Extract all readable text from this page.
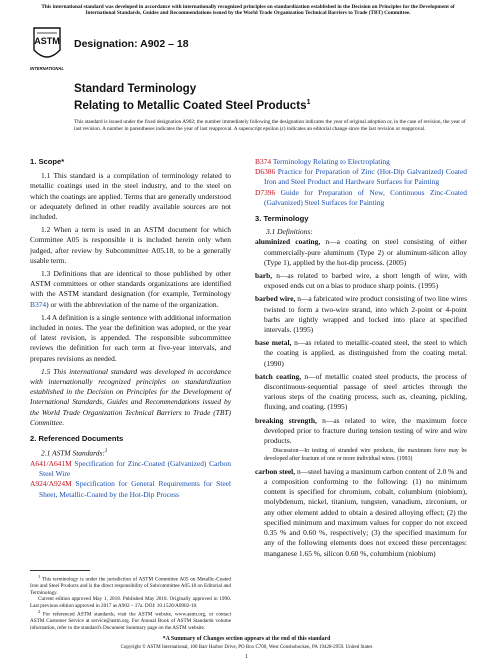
This international standard was developed in accordance with internationally recognized principles on standardization established in the Decision on Principles for the Development of International Standards, Guides and Recommendations issued by the World Trade Organization Technical Barriers to Trade (TBT) Committee.
ASTM
INTERNATIONAL
Designation: A902 – 18
Standard Terminology
Relating to Metallic Coated Steel Products$^1$
This standard is issued under the fixed designation A902; the number immediately following the designation indicates the year of original adoption or, in the case of revision, the year of last revision. A number in parentheses indicates the year of last reapproval. A superscript epsilon (ε) indicates an editorial change since the last revision or reapproval.

1. Scope*

1.1 This standard is a compilation of terminology related to metallic coatings used in the steel industry, and to the steel on which the coatings are applied. Terms that are generally understood or adequately defined in other readily available sources are not included.

1.2 When a term is used in an ASTM document for which Committee A05 is responsible it is included herein only when judged, after review by Subcommittee A05.18, to be a generally usable term.

1.3 Definitions that are identical to those published by other ASTM committees or other standards organizations are identified with the ASTM standard designation (for example, Terminology B374) or with the abbreviation of the name of the organization.

1.4 A definition is a single sentence with additional information included in notes. The year the definition was adopted, or the year of latest revision, is appended. The responsible subcommittee reviews the definition for each term at five-year intervals, and prepares revisions as needed.

1.5 This international standard was developed in accordance with internationally recognized principles on standardization established in the Decision on Principles for the Development of International Standards, Guides and Recommendations issued by the World Trade Organization Technical Barriers to Trade (TBT) Committee.

2. Referenced Documents

2.1 ASTM Standards:$^2$

A641/A641M Specification for Zinc-Coated (Galvanized) Carbon Steel Wire

A924/A924M Specification for General Requirements for Steel Sheet, Metallic-Coated by the Hot-Dip Process

$^1$ This terminology is under the jurisdiction of ASTM Committee A05 on Metallic-Coated Iron and Steel Products and is the direct responsibility of Subcommittee A05.18 on Editorial and Terminology.

Current edition approved May 1, 2018. Published May 2018. Originally approved in 1990. Last previous edition approved in 2017 as A902 – 17a. DOI: 10.1520/A0902-18.

$^2$ For referenced ASTM standards, visit the ASTM website, www.astm.org, or contact ASTM Customer Service at service@astm.org. For Annual Book of ASTM Standards volume information, refer to the standard's Document Summary page on the ASTM website.

B374 Terminology Relating to Electroplating

D6386 Practice for Preparation of Zinc (Hot-Dip Galvanized) Coated Iron and Steel Product and Hardware Surfaces for Painting

D7396 Guide for Preparation of New, Continuous Zinc-Coated (Galvanized) Steel Surfaces for Painting

3. Terminology

3.1 Definitions:

aluminized coating, n—a coating on steel consisting of either commercially-pure aluminum (Type 2) or aluminum-silicon alloy (Type 1), applied by the hot-dip process. (2005)

barb, n—as related to barbed wire, a short length of wire, with exposed ends cut on a bias to produce sharp points. (1995)

barbed wire, n—a fabricated wire product consisting of two line wires twisted to form a two-wire strand, into which 2-point or 4-point barbs are tightly wrapped and locked into place at specified intervals. (1995)

base metal, n—as related to metallic-coated steel, the steel to which the coating is applied, as distinguished from the coating metal. (1990)

batch coating, n—of metallic coated steel products, the process of discontinuous-sequential passage of steel articles through the various steps of the coating process, such as, cleaning, pickling, fluxing, and coating. (1995)

breaking strength, n—as related to wire, the maximum force developed prior to fracture during tension testing of wire and wire products.

Discussion—In testing of stranded wire products, the maximum force may be developed after fracture of one or more individual wires. (1993)

carbon steel, n—steel having a maximum carbon content of 2.0 % and a composition conforming to the following: (1) no minimum content is specified for chromium, cobalt, columbium (niobium), molybdenum, nickel, titanium, tungsten, vanadium, zirconium, or any other element added to obtain a desired alloying effect; (2) the specified minimum and maximum values for copper do not exceed 0.35 % and 0.60 %, respectively; (3) the specified maximum for any of the following elements does not exceed these percentages: manganese 1.65 %, silicon 0.60 %, columbium (niobium)

*A Summary of Changes section appears at the end of this standard
Copyright © ASTM International, 100 Barr Harbor Drive, PO Box C700, West Conshohocken, PA 19428-2959. United States
1
